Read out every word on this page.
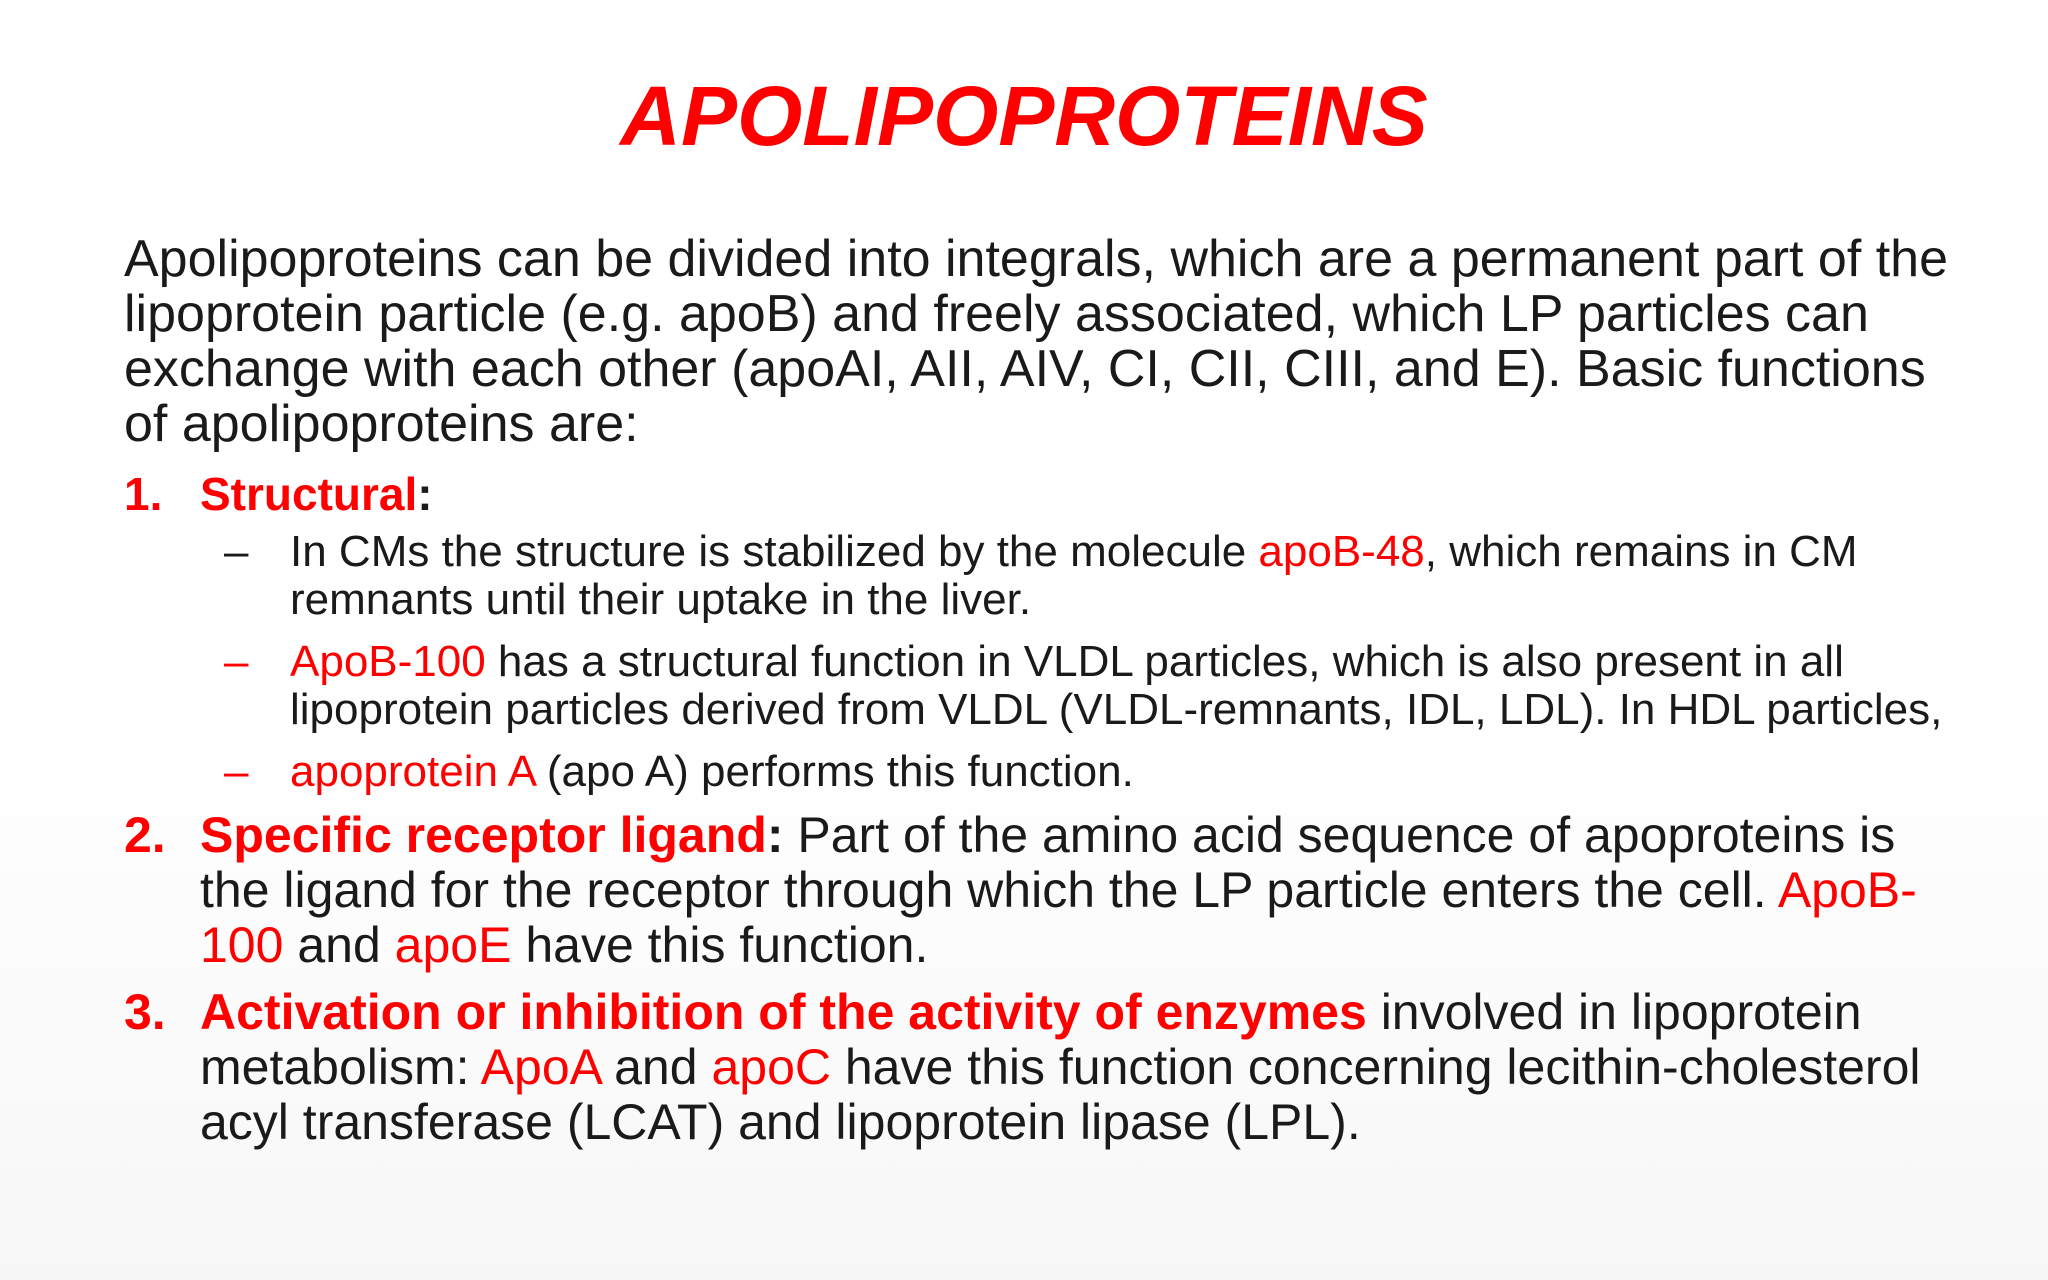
APOLIPOPROTEINS

Apolipoproteins can be divided into integrals, which are a permanent part of the lipoprotein particle (e.g. apoB) and freely associated, which LP particles can exchange with each other (apoAI, AII, AIV, CI, CII, CIII, and E). Basic functions of apolipoproteins are:

1. Structural:
– In CMs the structure is stabilized by the molecule apoB-48, which remains in CM remnants until their uptake in the liver.
– ApoB-100 has a structural function in VLDL particles, which is also present in all lipoprotein particles derived from VLDL (VLDL-remnants, IDL, LDL). In HDL particles,
– apoprotein A (apo A) performs this function.
2. Specific receptor ligand: Part of the amino acid sequence of apoproteins is the ligand for the receptor through which the LP particle enters the cell. ApoB-100 and apoE have this function.
3. Activation or inhibition of the activity of enzymes involved in lipoprotein metabolism: ApoA and apoC have this function concerning lecithin-cholesterol acyl transferase (LCAT) and lipoprotein lipase (LPL).
